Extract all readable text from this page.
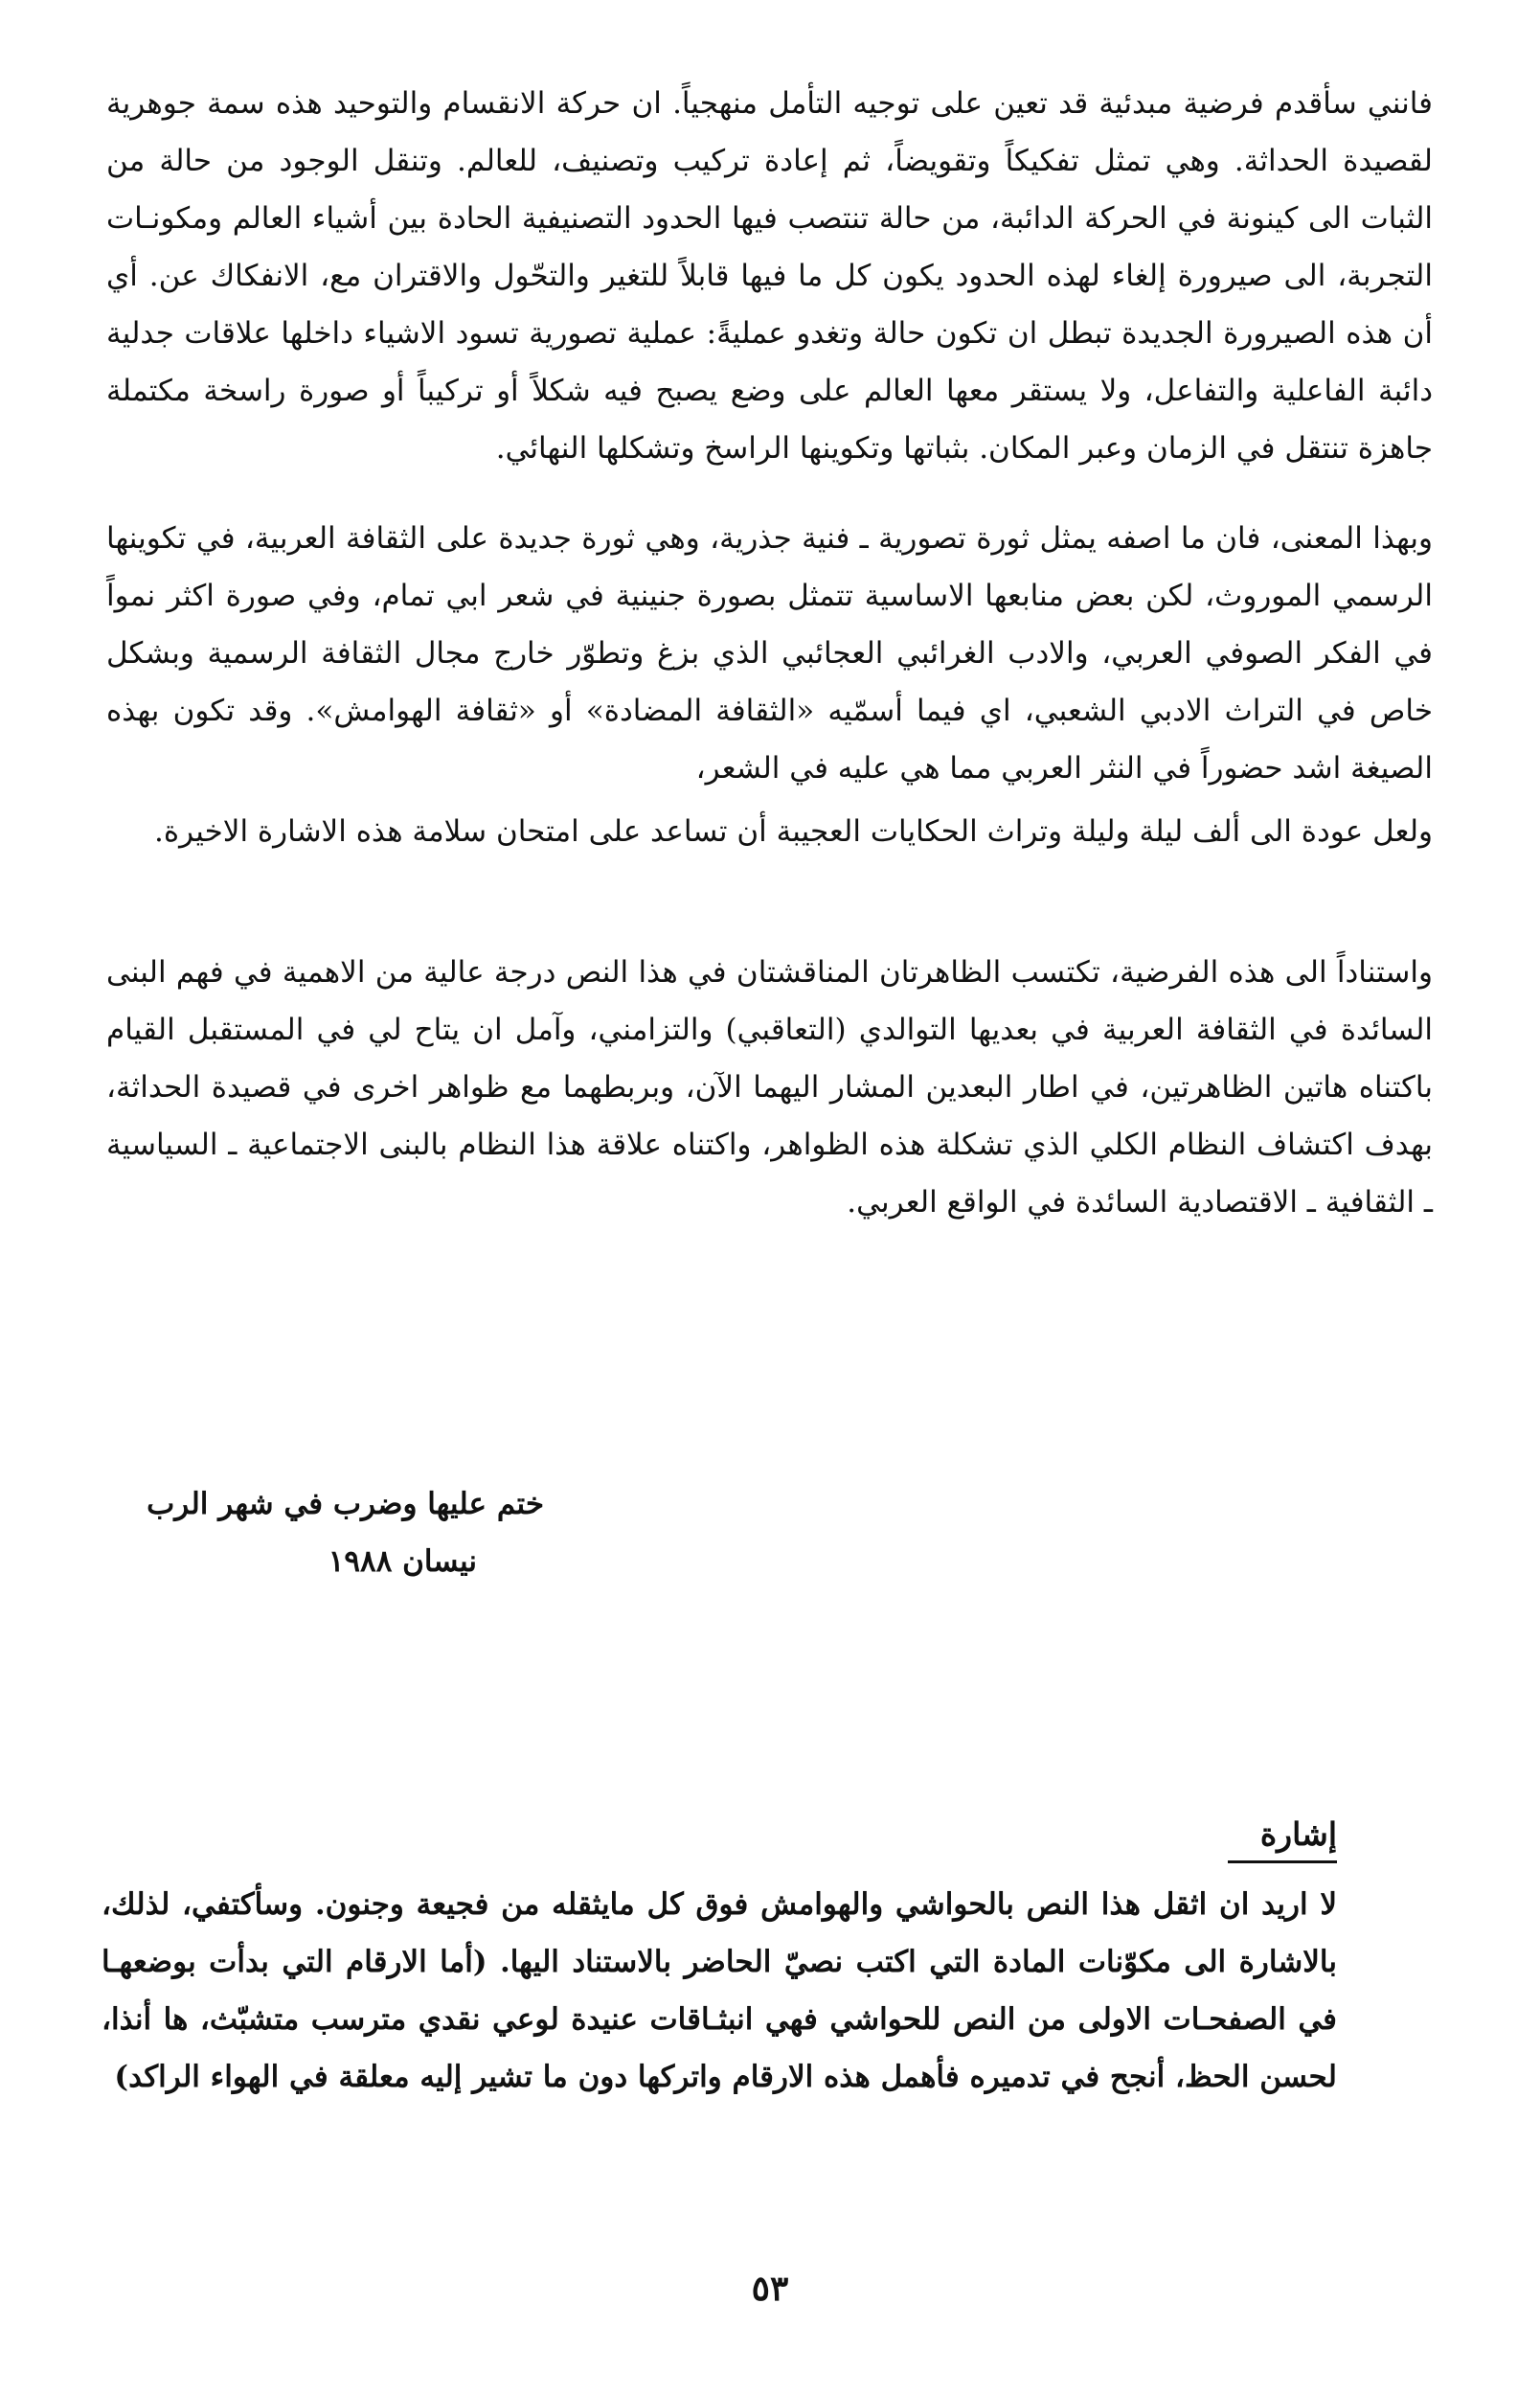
فانني سأقدم فرضية مبدئية قد تعين على توجيه التأمل منهجياً. ان حركة الانقسام والتوحيد هذه سمة جوهرية لقصيدة الحداثة. وهي تمثل تفكيكاً وتقويضاً، ثم إعادة تركيب وتصنيف، للعالم. وتنقل الوجود من حالة من الثبات الى كينونة في الحركة الدائبة، من حالة تنتصب فيها الحدود التصنيفية الحادة بين أشياء العالم ومكونـات التجربة، الى صيرورة إلغاء لهذه الحدود يكون كل ما فيها قابلاً للتغير والتحّول والاقتران مع، الانفكاك عن. أي أن هذه الصيرورة الجديدة تبطل ان تكون حالة وتغدو عمليةً: عملية تصورية تسود الاشياء داخلها علاقات جدلية دائبة الفاعلية والتفاعل، ولا يستقر معها العالم على وضع يصبح فيه شكلاً أو تركيباً أو صورة راسخة مكتملة جاهزة تنتقل في الزمان وعبر المكان. بثباتها وتكوينها الراسخ وتشكلها النهائي.

وبهذا المعنى، فان ما اصفه يمثل ثورة تصورية ـ فنية جذرية، وهي ثورة جديدة على الثقافة العربية، في تكوينها الرسمي الموروث، لكن بعض منابعها الاساسية تتمثل بصورة جنينية في شعر ابي تمام، وفي صورة اكثر نمواً في الفكر الصوفي العربي، والادب الغرائبي العجائبي الذي بزغ وتطوّر خارج مجال الثقافة الرسمية وبشكل خاص في التراث الادبي الشعبي، اي فيما أسمّيه «الثقافة المضادة» أو «ثقافة الهوامش». وقد تكون بهذه الصيغة اشد حضوراً في النثر العربي مما هي عليه في الشعر،

ولعل عودة الى ألف ليلة وليلة وتراث الحكايات العجيبة أن تساعد على امتحان سلامة هذه الاشارة الاخيرة.

واستناداً الى هذه الفرضية، تكتسب الظاهرتان المناقشتان في هذا النص درجة عالية من الاهمية في فهم البنى السائدة في الثقافة العربية في بعديها التوالدي (التعاقبي) والتزامني، وآمل ان يتاح لي في المستقبل القيام باكتناه هاتين الظاهرتين، في اطار البعدين المشار اليهما الآن، وبربطهما مع ظواهر اخرى في قصيدة الحداثة، بهدف اكتشاف النظام الكلي الذي تشكلة هذه الظواهر، واكتناه علاقة هذا النظام بالبنى الاجتماعية ـ السياسية ـ الثقافية ـ الاقتصادية السائدة في الواقع العربي.

ختم عليها وضرب في شهر الرب
نيسان ١٩٨٨
إشارة

لا اريد ان اثقل هذا النص بالحواشي والهوامش فوق كل مايثقله من فجيعة وجنون. وسأكتفي، لذلك، بالاشارة الى مكوّنات المادة التي اكتب نصيّ الحاضر بالاستناد اليها. (أما الارقام التي بدأت بوضعهـا في الصفحـات الاولى من النص للحواشي فهي انبثـاقات عنيدة لوعي نقدي مترسب متشبّث، ها أنذا، لحسن الحظ، أنجح في تدميره فأهمل هذه الارقام واتركها دون ما تشير إليه معلقة في الهواء الراكد)

٥٣
